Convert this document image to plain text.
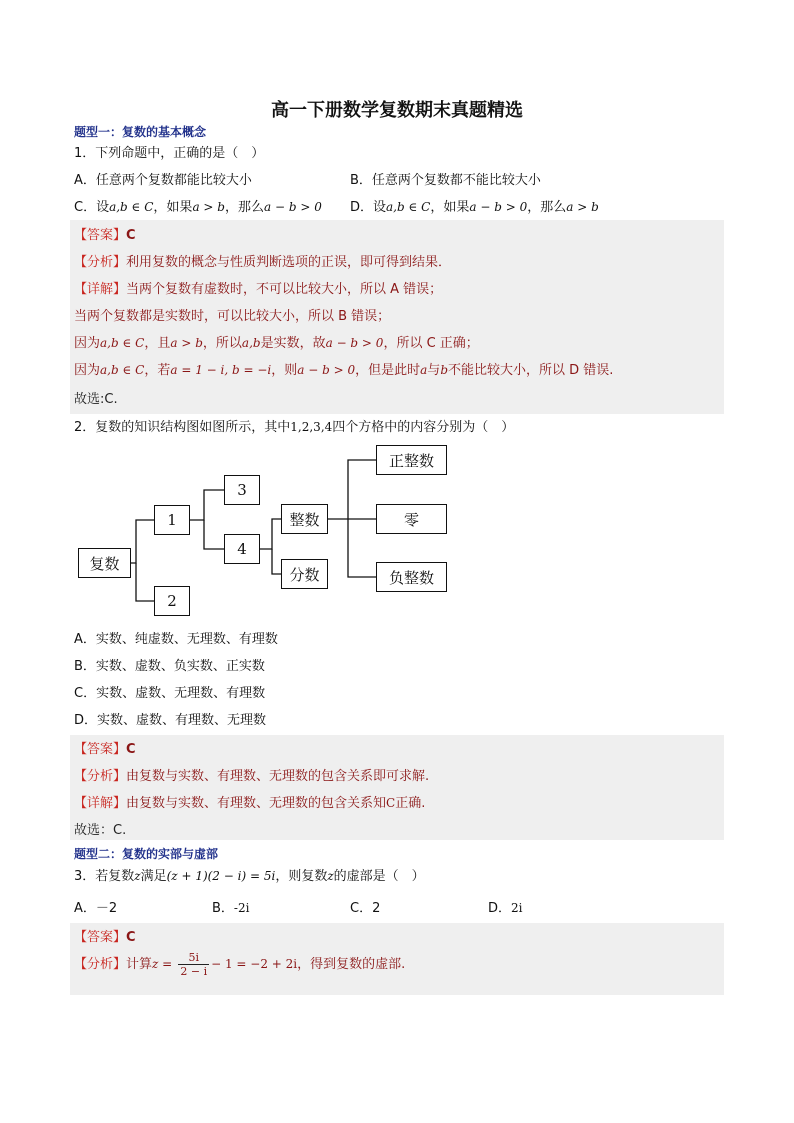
高一下册数学复数期末真题精选
题型一：复数的基本概念
1．下列命题中，正确的是（　）
A．任意两个复数都能比较大小	B．任意两个复数都不能比较大小
C．设a,b ∈ C，如果a > b，那么a − b > 0 D．设a,b ∈ C，如果a − b > 0，那么a > b
【答案】C
【分析】利用复数的概念与性质判断选项的正误，即可得到结果．
【详解】当两个复数有虚数时，不可以比较大小，所以 A 错误；
当两个复数都是实数时，可以比较大小，所以 B 错误；
因为a,b ∈ C，且a > b，所以a,b是实数，故a − b > 0，所以 C 正确；
因为a,b ∈ C，若a = 1 − i, b = −i，则a − b > 0，但是此时a与b不能比较大小，所以 D 错误.
故选:C.
2．复数的知识结构图如图所示，其中1,2,3,4四个方格中的内容分别为（　）
复数
1
2
3
4
整数
分数
正整数
零
负整数
A．实数、纯虚数、无理数、有理数
B．实数、虚数、负实数、正实数
C．实数、虚数、无理数、有理数
D．实数、虚数、有理数、无理数
【答案】C
【分析】由复数与实数、有理数、无理数的包含关系即可求解.
【详解】由复数与实数、有理数、无理数的包含关系知C正确.
故选：C.
题型二：复数的实部与虚部
3．若复数z满足(z + 1)(2 − i) = 5i，则复数z的虚部是（　）
A．－2	B．-2i	C．2	D．2i
【答案】C
【分析】计算$z = \frac{5i}{2 - i} - 1 = -2 + 2i$，得到复数的虚部.
